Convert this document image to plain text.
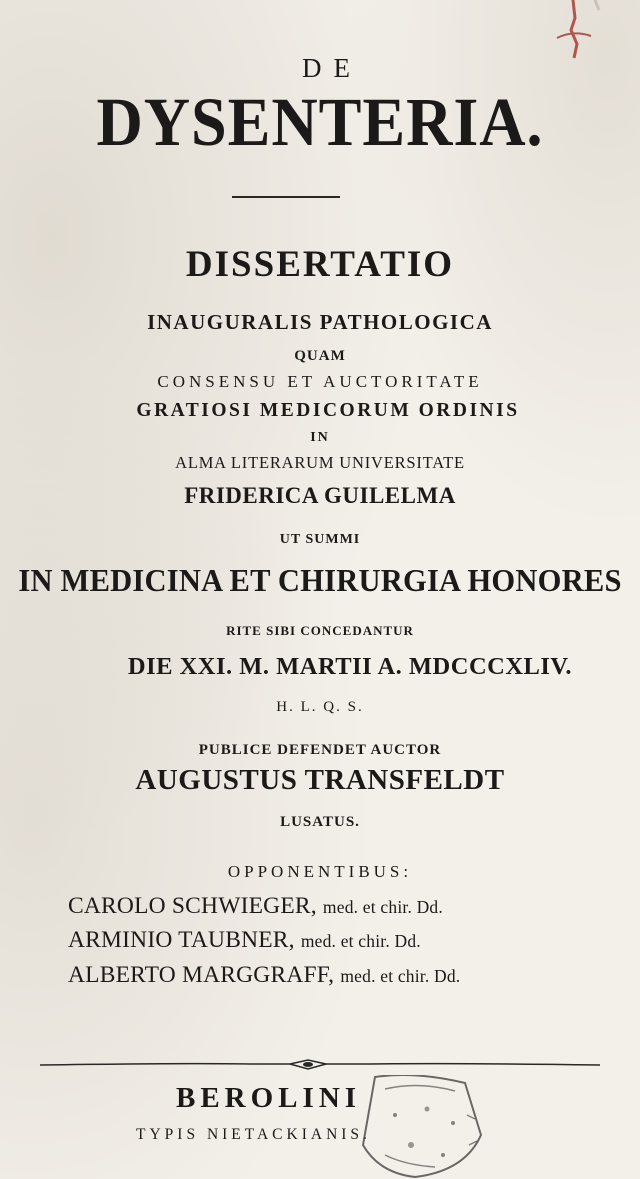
DE
DYSENTERIA.
DISSERTATIO
INAUGURALIS PATHOLOGICA
QUAM
CONSENSU ET AUCTORITATE
GRATIOSI MEDICORUM ORDINIS
IN
ALMA LITERARUM UNIVERSITATE
FRIDERICA GUILELMA
UT SUMMI
IN MEDICINA ET CHIRURGIA HONORES
RITE SIBI CONCEDANTUR
DIE XXI. M. MARTII A. MDCCCXLIV.
H. L. Q. S.
PUBLICE DEFENDET AUCTOR
AUGUSTUS TRANSFELDT
LUSATUS.
OPPONENTIBUS:
CAROLO SCHWIEGER, med. et chir. Dd.
ARMINIO TAUBNER, med. et chir. Dd.
ALBERTO MARGGRAFF, med. et chir. Dd.
BEROLINI
TYPIS NIETACKIANIS.
